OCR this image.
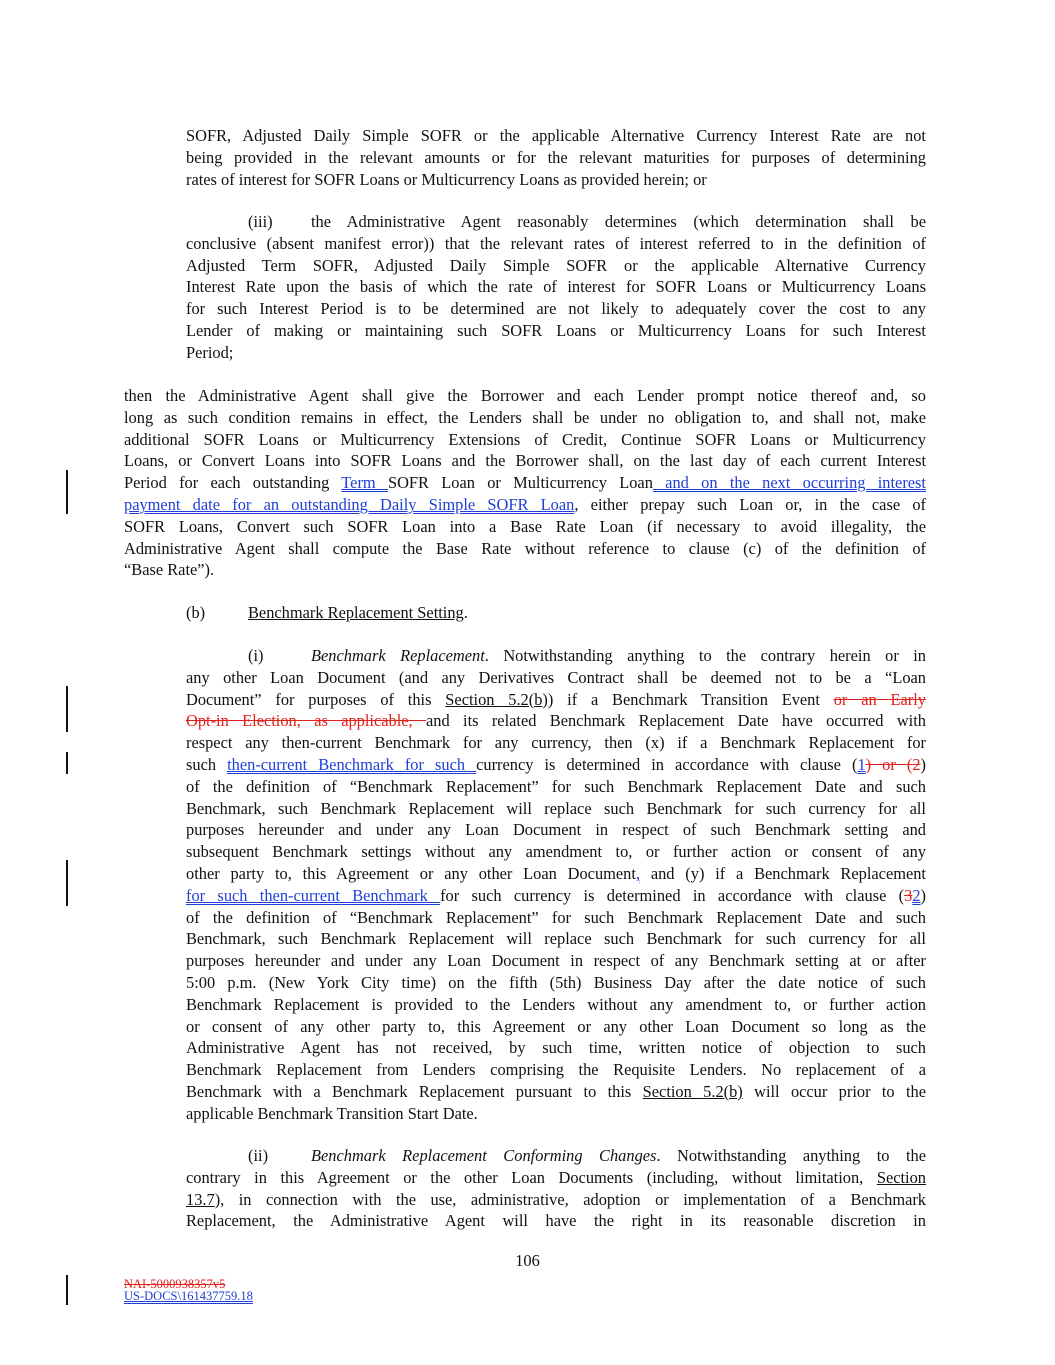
SOFR, Adjusted Daily Simple SOFR or the applicable Alternative Currency Interest Rate are not
being provided in the relevant amounts or for the relevant maturities for purposes of determining
rates of interest for SOFR Loans or Multicurrency Loans as provided herein; or
(iii) the Administrative Agent reasonably determines (which determination shall be
conclusive (absent manifest error)) that the relevant rates of interest referred to in the definition of
Adjusted Term SOFR, Adjusted Daily Simple SOFR or the applicable Alternative Currency
Interest Rate upon the basis of which the rate of interest for SOFR Loans or Multicurrency Loans
for such Interest Period is to be determined are not likely to adequately cover the cost to any
Lender of making or maintaining such SOFR Loans or Multicurrency Loans for such Interest
Period;
then the Administrative Agent shall give the Borrower and each Lender prompt notice thereof and, so
long as such condition remains in effect, the Lenders shall be under no obligation to, and shall not, make
additional SOFR Loans or Multicurrency Extensions of Credit, Continue SOFR Loans or Multicurrency
Loans, or Convert Loans into SOFR Loans and the Borrower shall, on the last day of each current Interest
Period for each outstanding Term SOFR Loan or Multicurrency Loan and on the next occurring interest
payment date for an outstanding Daily Simple SOFR Loan, either prepay such Loan or, in the case of
SOFR Loans, Convert such SOFR Loan into a Base Rate Loan (if necessary to avoid illegality, the
Administrative Agent shall compute the Base Rate without reference to clause (c) of the definition of
“Base Rate”).
(b)	Benchmark Replacement Setting.
(i)	Benchmark Replacement. Notwithstanding anything to the contrary herein or in
any other Loan Document (and any Derivatives Contract shall be deemed not to be a “Loan
Document” for purposes of this Section 5.2(b)) if a Benchmark Transition Event or an Early
Opt-in Election, as applicable, and its related Benchmark Replacement Date have occurred with
respect any then-current Benchmark for any currency, then (x) if a Benchmark Replacement for
such then-current Benchmark for such currency is determined in accordance with clause (1) or (2)
of the definition of “Benchmark Replacement” for such Benchmark Replacement Date and such
Benchmark, such Benchmark Replacement will replace such Benchmark for such currency for all
purposes hereunder and under any Loan Document in respect of such Benchmark setting and
subsequent Benchmark settings without any amendment to, or further action or consent of any
other party to, this Agreement or any other Loan Document, and (y) if a Benchmark Replacement
for such then-current Benchmark for such currency is determined in accordance with clause (32)
of the definition of “Benchmark Replacement” for such Benchmark Replacement Date and such
Benchmark, such Benchmark Replacement will replace such Benchmark for such currency for all
purposes hereunder and under any Loan Document in respect of any Benchmark setting at or after
5:00 p.m. (New York City time) on the fifth (5th) Business Day after the date notice of such
Benchmark Replacement is provided to the Lenders without any amendment to, or further action
or consent of any other party to, this Agreement or any other Loan Document so long as the
Administrative Agent has not received, by such time, written notice of objection to such
Benchmark Replacement from Lenders comprising the Requisite Lenders. No replacement of a
Benchmark with a Benchmark Replacement pursuant to this Section 5.2(b) will occur prior to the
applicable Benchmark Transition Start Date.
(ii)	Benchmark Replacement Conforming Changes. Notwithstanding anything to the
contrary in this Agreement or the other Loan Documents (including, without limitation, Section
13.7), in connection with the use, administrative, adoption or implementation of a Benchmark
Replacement, the Administrative Agent will have the right in its reasonable discretion in
106
NAI-5000938357v5
US-DOCS\161437759.18
